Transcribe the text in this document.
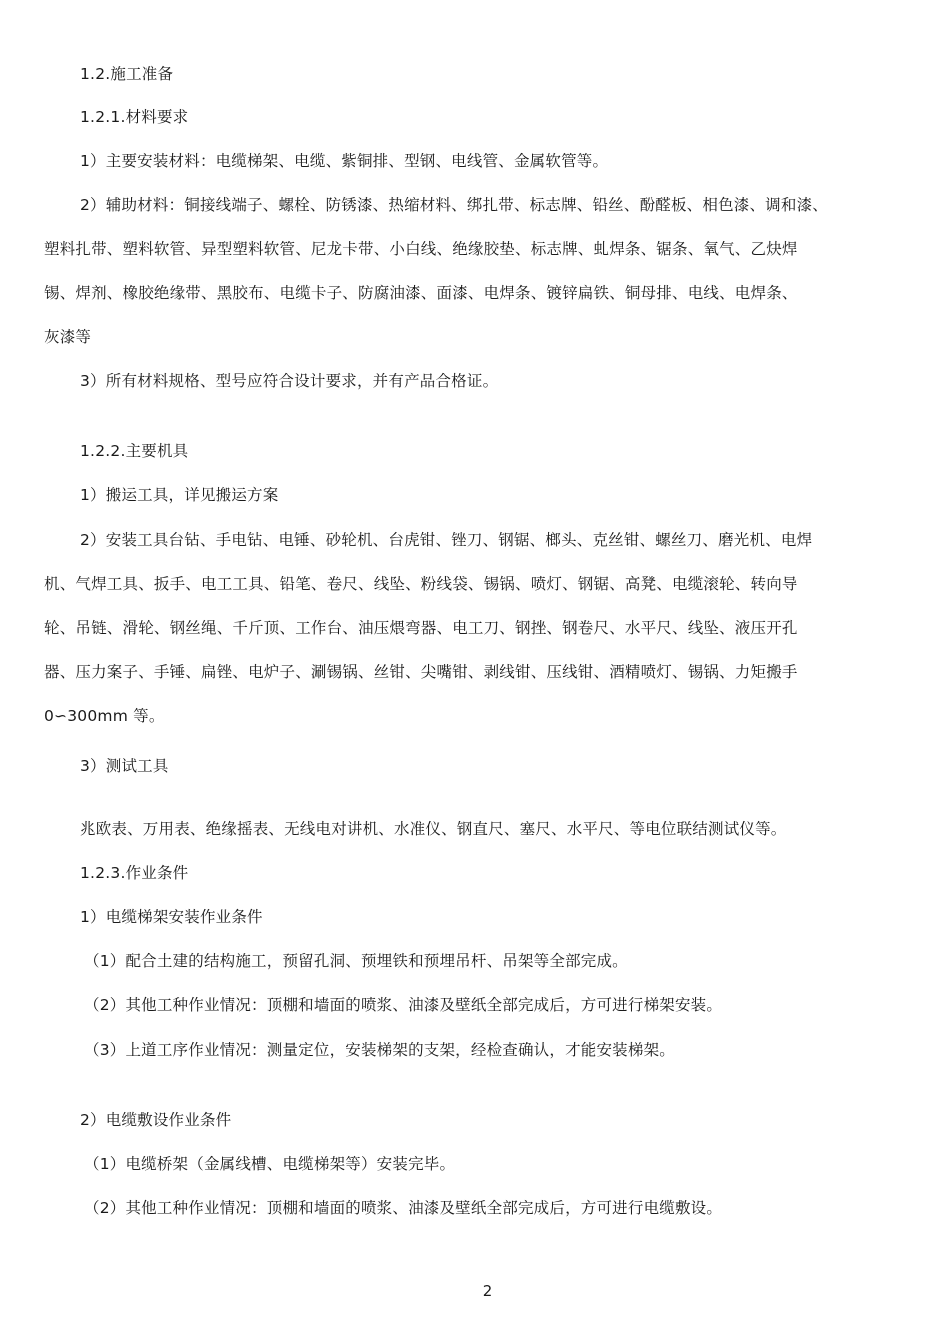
1.2.施工准备
1.2.1.材料要求
1）主要安装材料：电缆梯架、电缆、紫铜排、型钢、电线管、金属软管等。
2）辅助材料：铜接线端子、螺栓、防锈漆、热缩材料、绑扎带、标志牌、铅丝、酚醛板、相色漆、调和漆、
塑料扎带、塑料软管、异型塑料软管、尼龙卡带、小白线、绝缘胶垫、标志牌、虬焊条、锯条、氧气、乙炔焊
锡、焊剂、橡胶绝缘带、黑胶布、电缆卡子、防腐油漆、面漆、电焊条、镀锌扁铁、铜母排、电线、电焊条、
灰漆等
3）所有材料规格、型号应符合设计要求，并有产品合格证。
1.2.2.主要机具
1）搬运工具，详见搬运方案
2）安装工具台钻、手电钻、电锤、砂轮机、台虎钳、锉刀、钢锯、榔头、克丝钳、螺丝刀、磨光机、电焊
机、气焊工具、扳手、电工工具、铅笔、卷尺、线坠、粉线袋、锡锅、喷灯、钢锯、高凳、电缆滚轮、转向导
轮、吊链、滑轮、钢丝绳、千斤顶、工作台、油压煨弯器、电工刀、钢挫、钢卷尺、水平尺、线坠、液压开孔
器、压力案子、手锤、扁锉、电炉子、涮锡锅、丝钳、尖嘴钳、剥线钳、压线钳、酒精喷灯、锡锅、力矩搬手
0∽300mm 等。
3）测试工具
兆欧表、万用表、绝缘摇表、无线电对讲机、水准仪、钢直尺、塞尺、水平尺、等电位联结测试仪等。
1.2.3.作业条件
1）电缆梯架安装作业条件
（1）配合土建的结构施工，预留孔洞、预埋铁和预埋吊杆、吊架等全部完成。
（2）其他工种作业情况：顶棚和墙面的喷浆、油漆及壁纸全部完成后，方可进行梯架安装。
（3）上道工序作业情况：测量定位，安装梯架的支架，经检查确认，才能安装梯架。
2）电缆敷设作业条件
（1）电缆桥架（金属线槽、电缆梯架等）安装完毕。
（2）其他工种作业情况：顶棚和墙面的喷浆、油漆及壁纸全部完成后，方可进行电缆敷设。
2
